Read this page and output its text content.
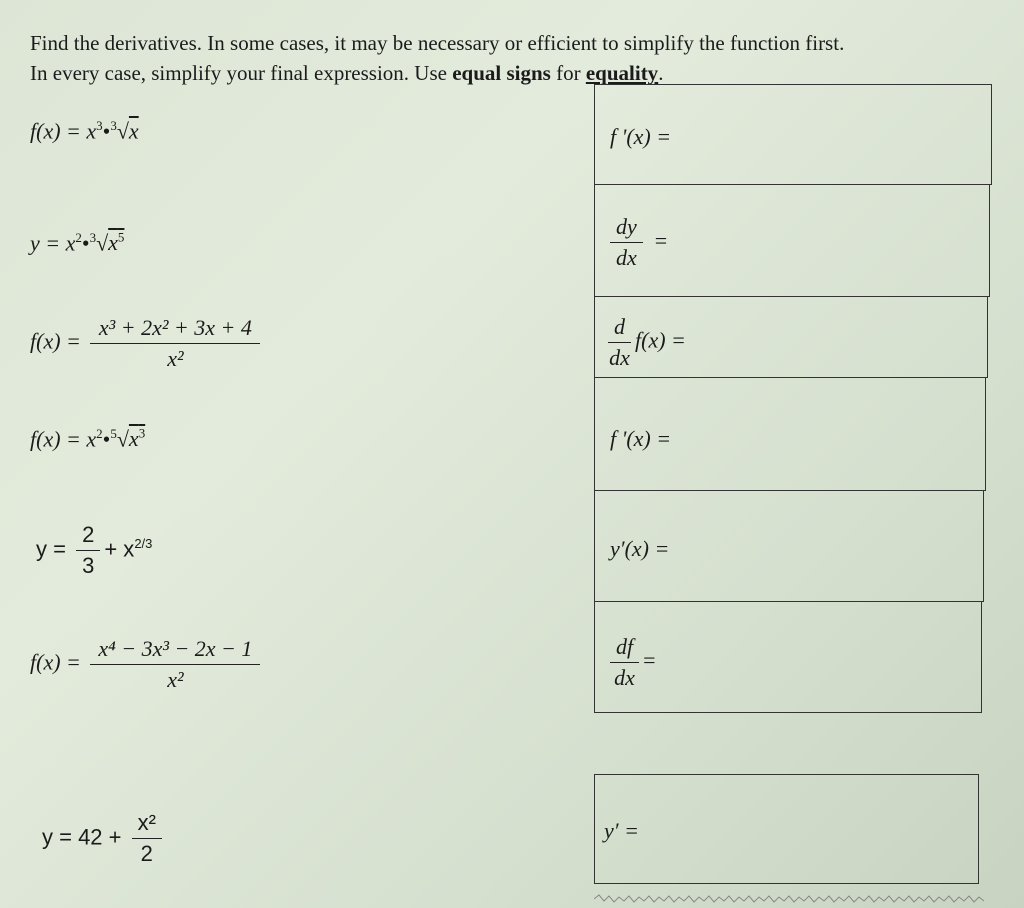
Find the derivatives. In some cases, it may be necessary or efficient to simplify the function first.
In every case, simplify your final expression. Use equal signs for equality.
$f(x) = x^3•^3√x$
$y = x^2•^3√x^5$
$f(x) = \frac{\text{x³ + 2x² + 3x + 4}}{\text{x²}}$
$f(x) = x^2•^5√x^3$
$y = \frac{2}{3} + x^{2/3}$
$f(x) = \frac{\text{x⁴ − 3x³ − 2x − 1}}{\text{x²}}$
$y = 42 + \frac{\text{x²}}{2}$
f '(x) =
$\frac{dy}{dx}$ =
$\frac{d}{dx} f(x)$ =
f '(x) =
y′(x) =
$\frac{df}{dx}$ =
y′ =
